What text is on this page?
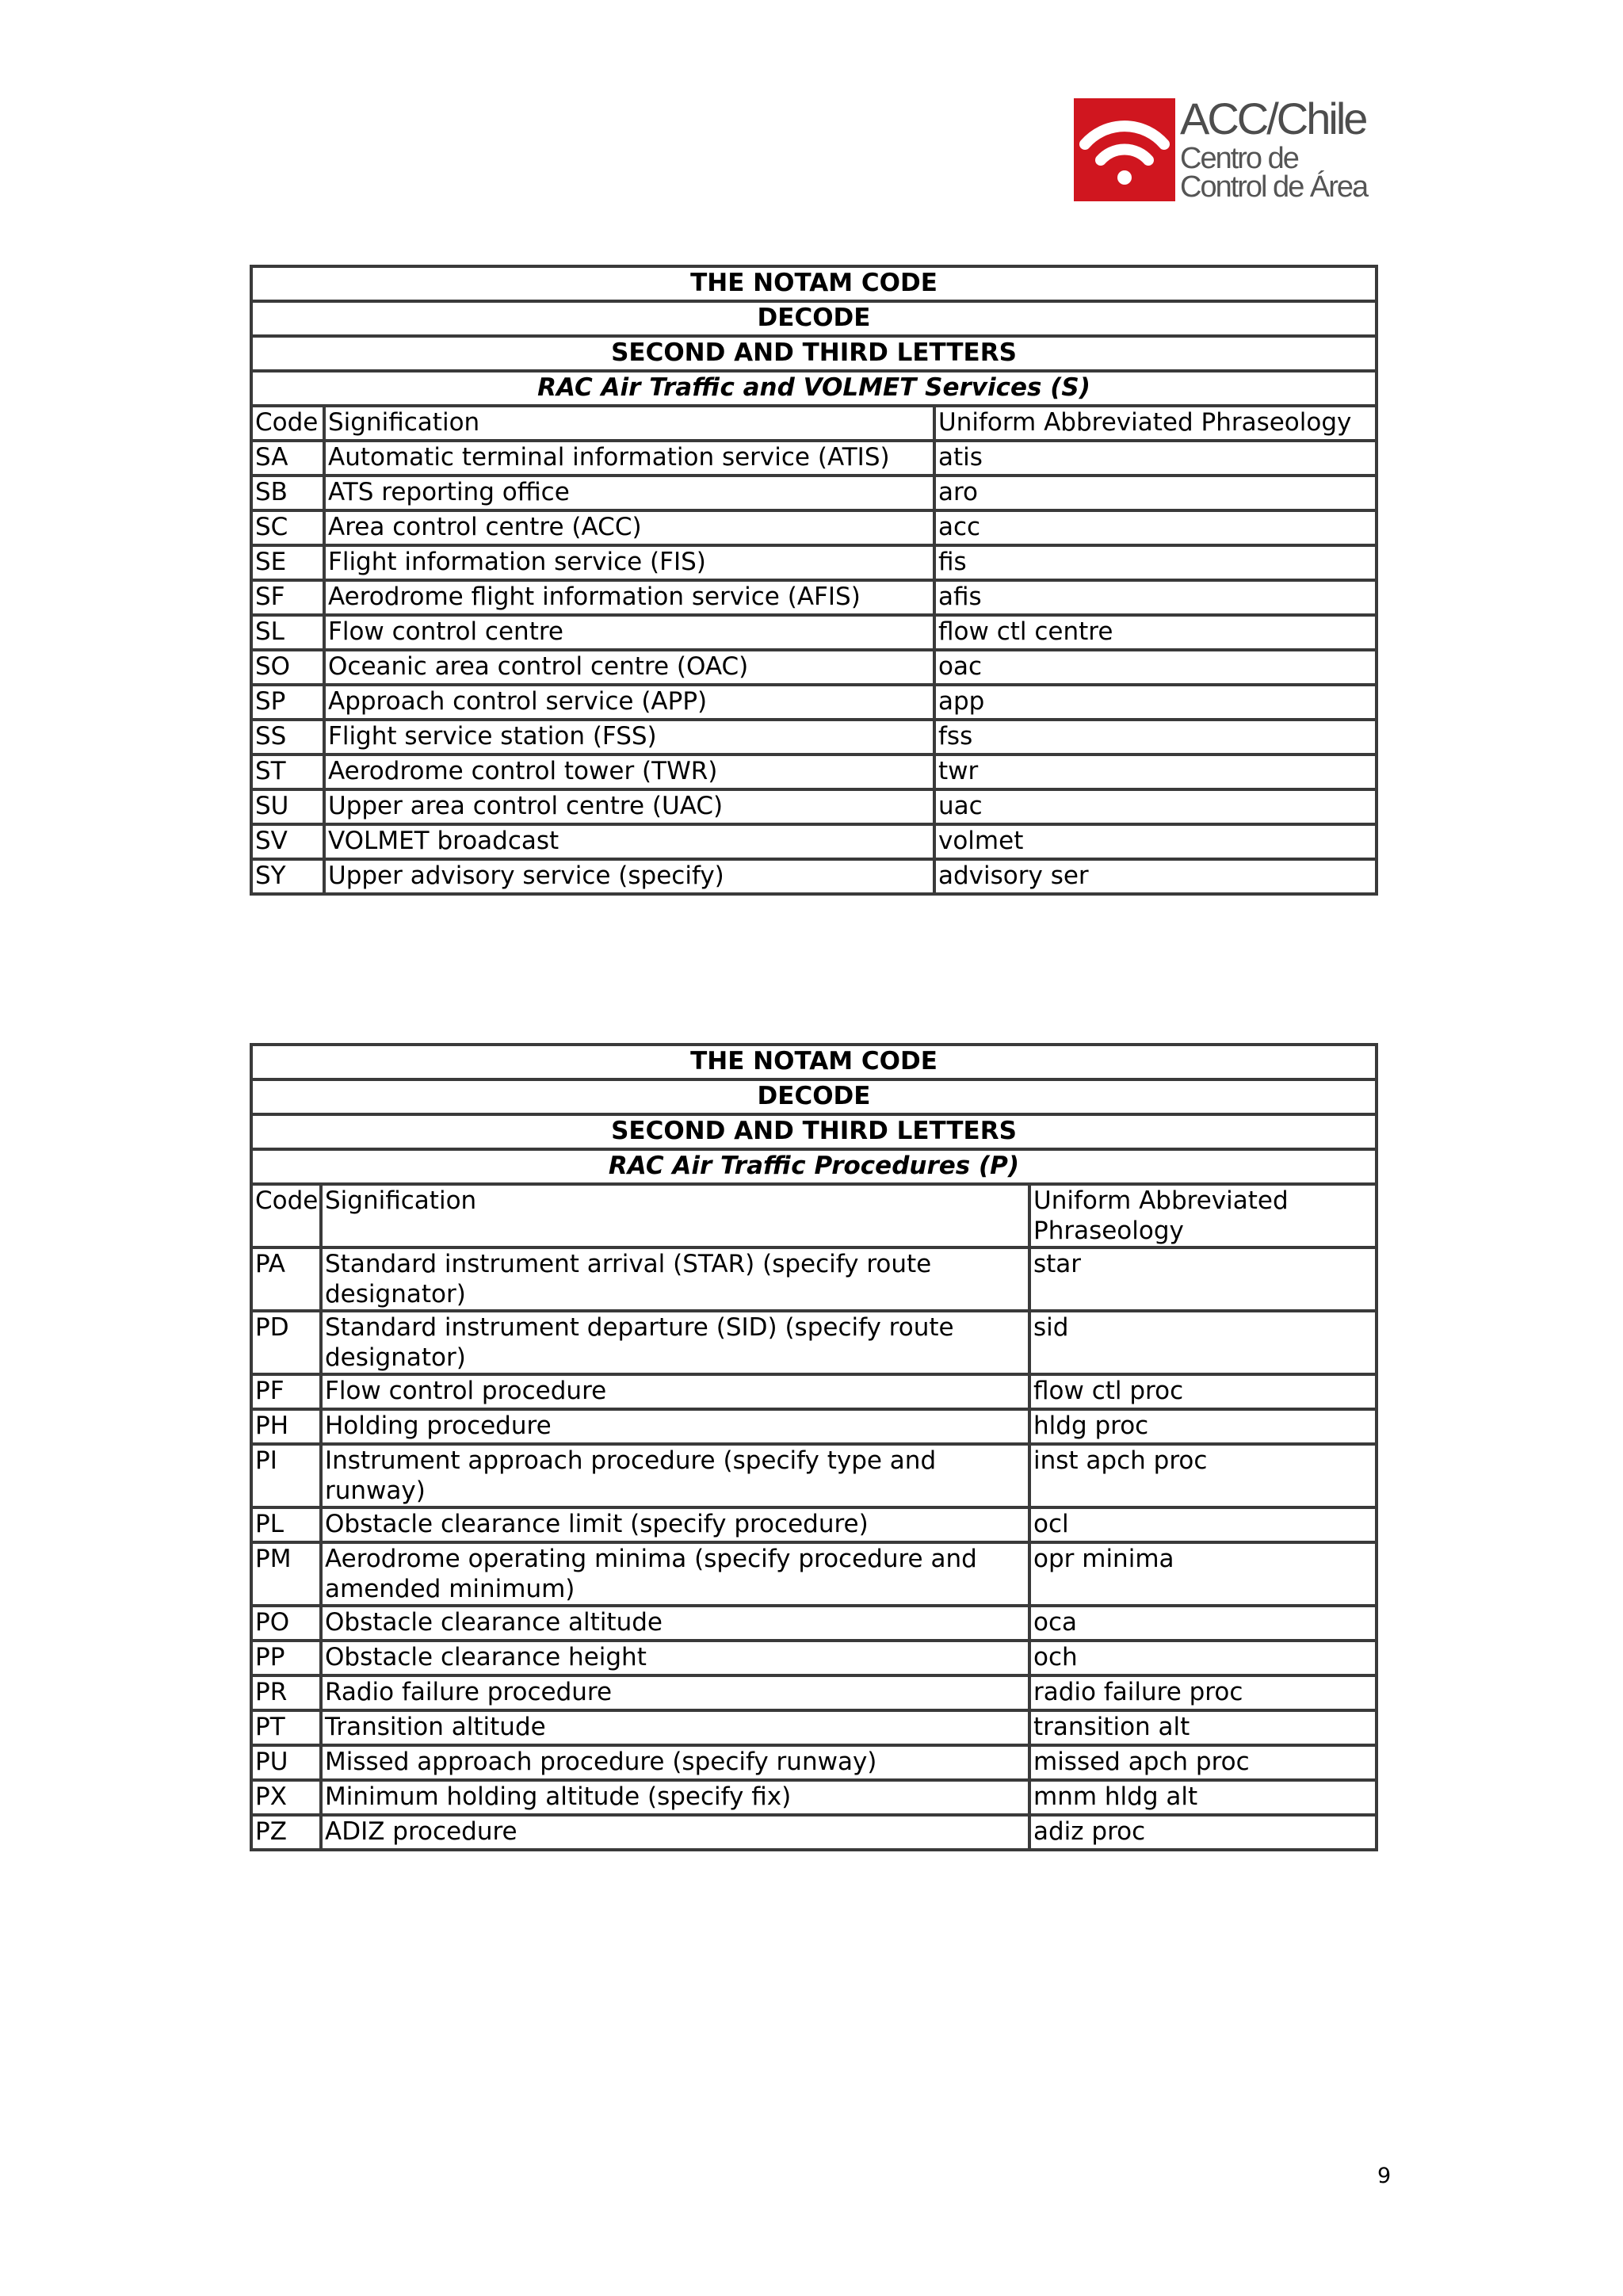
ACC/Chile
Centro de
Control de Área
THE NOTAM CODE		
DECODE		
SECOND AND THIRD LETTERS		
RAC Air Traffic and VOLMET Services (S)		
Code	Signification	Uniform Abbreviated Phraseology
SA	Automatic terminal information service (ATIS)	atis
SB	ATS reporting office	aro
SC	Area control centre (ACC)	acc
SE	Flight information service (FIS)	fis
SF	Aerodrome flight information service (AFIS)	afis
SL	Flow control centre	flow ctl centre
SO	Oceanic area control centre (OAC)	oac
SP	Approach control service (APP)	app
SS	Flight service station (FSS)	fss
ST	Aerodrome control tower (TWR)	twr
SU	Upper area control centre (UAC)	uac
SV	VOLMET broadcast	volmet
SY	Upper advisory service (specify)	advisory ser
THE NOTAM CODE		
DECODE		
SECOND AND THIRD LETTERS		
RAC Air Traffic Procedures (P)		
Code	Signification	Uniform Abbreviated Phraseology
PA	Standard instrument arrival (STAR) (specify route designator)	star
PD	Standard instrument departure (SID) (specify route designator)	sid
PF	Flow control procedure	flow ctl proc
PH	Holding procedure	hldg proc
PI	Instrument approach procedure (specify type and runway)	inst apch proc
PL	Obstacle clearance limit (specify procedure)	ocl
PM	Aerodrome operating minima (specify procedure and amended minimum)	opr minima
PO	Obstacle clearance altitude	oca
PP	Obstacle clearance height	och
PR	Radio failure procedure	radio failure proc
PT	Transition altitude	transition alt
PU	Missed approach procedure (specify runway)	missed apch proc
PX	Minimum holding altitude (specify fix)	mnm hldg alt
PZ	ADIZ procedure	adiz proc
9
